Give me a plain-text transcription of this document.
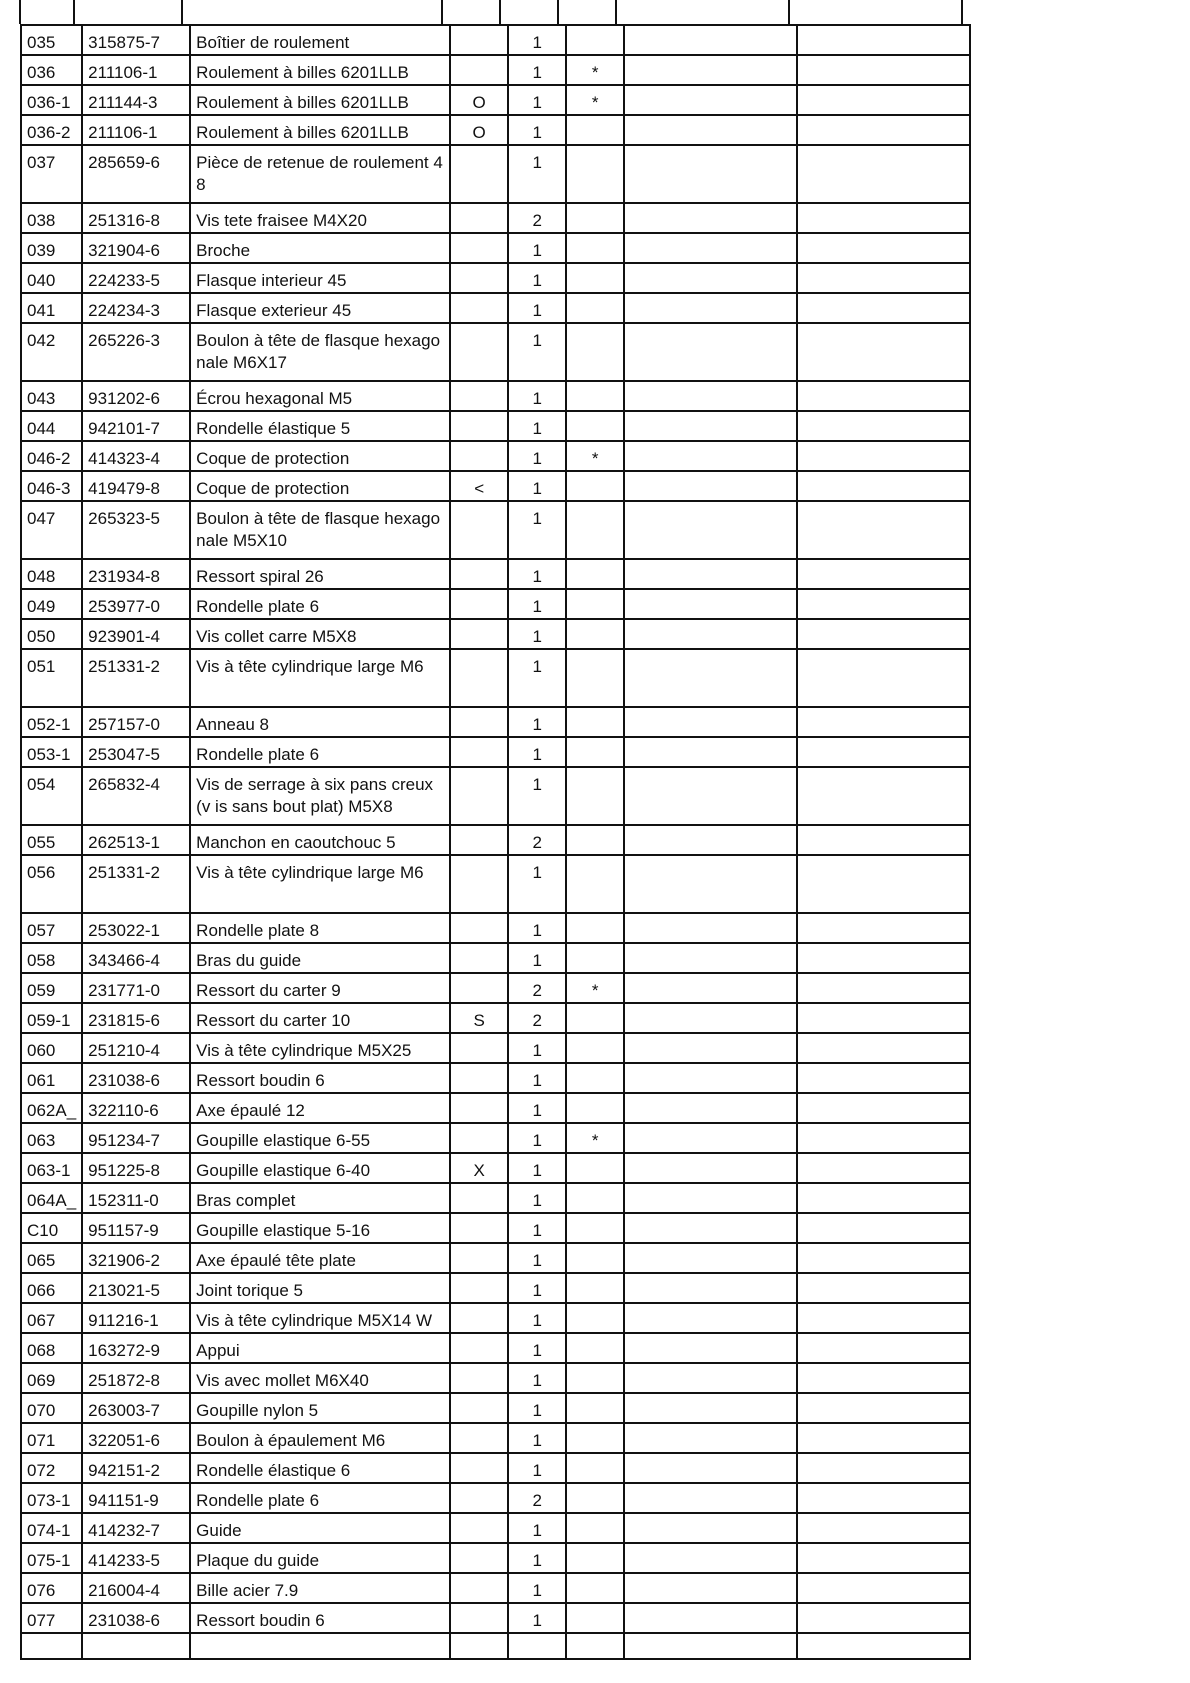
035	315875-7	Boîtier de roulement		1			
036	211106-1	Roulement à billes 6201LLB		1	*		
036-1	211144-3	Roulement à billes 6201LLB	O	1	*		
036-2	211106-1	Roulement à billes 6201LLB	O	1			
037	285659-6	Pièce de retenue de roulement 4 8		1			
038	251316-8	Vis tete fraisee M4X20		2			
039	321904-6	Broche		1			
040	224233-5	Flasque interieur 45		1			
041	224234-3	Flasque exterieur 45		1			
042	265226-3	Boulon à tête de flasque hexago nale M6X17		1			
043	931202-6	Écrou hexagonal M5		1			
044	942101-7	Rondelle élastique 5		1			
046-2	414323-4	Coque de protection		1	*		
046-3	419479-8	Coque de protection	<	1			
047	265323-5	Boulon à tête de flasque hexago nale M5X10		1			
048	231934-8	Ressort spiral 26		1			
049	253977-0	Rondelle plate 6		1			
050	923901-4	Vis collet carre M5X8		1			
051	251331-2	Vis à tête cylindrique large M6		1			
052-1	257157-0	Anneau 8		1			
053-1	253047-5	Rondelle plate 6		1			
054	265832-4	Vis de serrage à six pans creux (v is sans bout plat) M5X8		1			
055	262513-1	Manchon en caoutchouc 5		2			
056	251331-2	Vis à tête cylindrique large M6		1			
057	253022-1	Rondelle plate 8		1			
058	343466-4	Bras du guide		1			
059	231771-0	Ressort du carter 9		2	*		
059-1	231815-6	Ressort du carter 10	S	2			
060	251210-4	Vis à tête cylindrique M5X25		1			
061	231038-6	Ressort boudin 6		1			
062A_	322110-6	Axe épaulé 12		1			
063	951234-7	Goupille elastique 6-55		1	*		
063-1	951225-8	Goupille elastique 6-40	X	1			
064A_	152311-0	Bras complet		1			
C10	951157-9	Goupille elastique 5-16		1			
065	321906-2	Axe épaulé tête plate		1			
066	213021-5	Joint torique 5		1			
067	911216-1	Vis à tête cylindrique M5X14 W		1			
068	163272-9	Appui		1			
069	251872-8	Vis avec mollet M6X40		1			
070	263003-7	Goupille nylon 5		1			
071	322051-6	Boulon à épaulement M6		1			
072	942151-2	Rondelle élastique 6		1			
073-1	941151-9	Rondelle plate 6		2			
074-1	414232-7	Guide		1			
075-1	414233-5	Plaque du guide		1			
076	216004-4	Bille acier 7.9		1			
077	231038-6	Ressort boudin 6		1			
